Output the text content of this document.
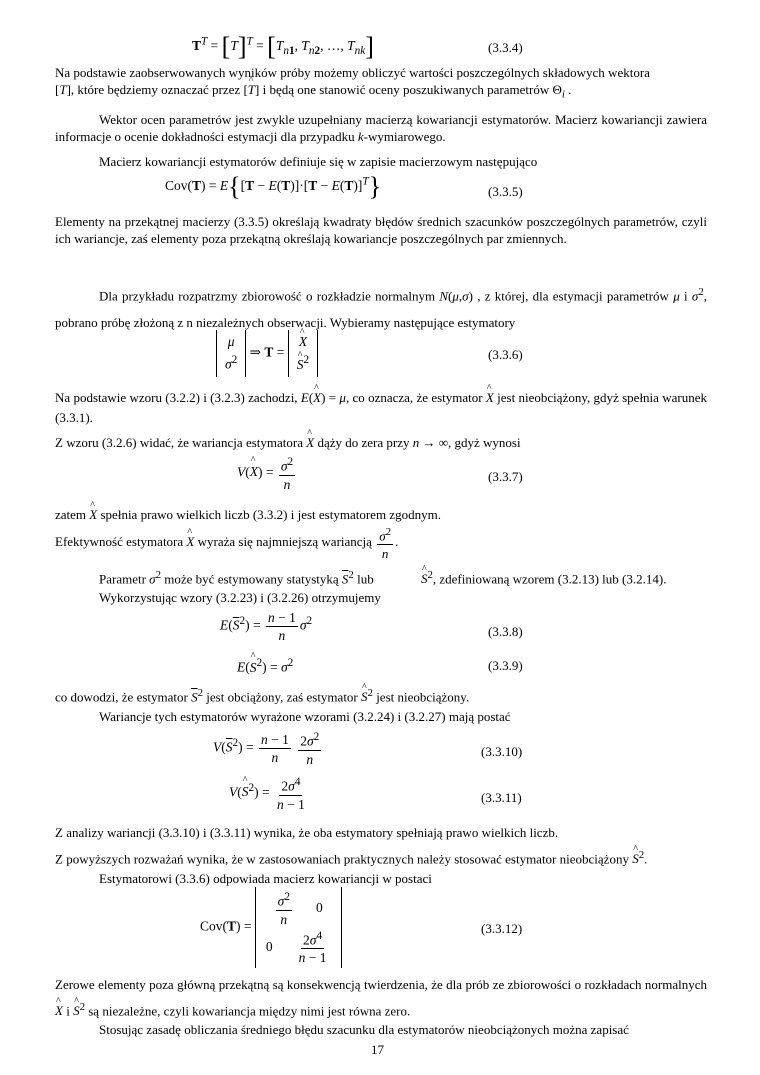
$T^T = [T]^T = [T_{n1}$, $T_{n2}$, …, $T_{nk}$]	(3.3.4)
Na podstawie zaobserwowanych wyników próby możemy obliczyć wartości poszczególnych składowych wektora
[T], które będziemy oznaczać przez [^ T] i będą one stanowić oceny poszukiwanych parametrów $\Theta_i$ .
Wektor ocen parametrów jest zwykle uzupełniany macierzą kowariancji estymatorów. Macierz kowariancji zawiera informacje o ocenie dokładności estymacji dla przypadku k-wymiarowego.
Macierz kowariancji estymatorów definiuje się w zapisie macierzowym następująco
$Cov(T) = E\{[T - E(T)]\cdot[T - E(T)]^T\}$	(3.3.5)
Elementy na przekątnej macierzy (3.3.5) określają kwadraty błędów średnich szacunków poszczególnych parametrów, czyli ich wariancje, zaś elementy poza przekątną określają kowariancje poszczególnych par zmiennych.
Dla przykładu rozpatrzmy zbiorowość o rozkładzie normalnym N(μ,σ) , z której, dla estymacji parametrów μ i $\sigma^2$, pobrano próbę złożoną z n niezależnych obserwacji. Wybieramy następujące estymatory
μ
$\sigma^2$
⇒ T =
^ X
^ $S^2$	(3.3.6)
Na podstawie wzoru (3.2.2) i (3.2.3) zachodzi, E(^ X) = μ, co oznacza, że estymator ^ X jest nieobciążony, gdyż spełnia warunek (3.3.1).
Z wzoru (3.2.6) widać, że wariancja estymatora ^ X dąży do zera przy n → ∞, gdyż wynosi
V(^ $X) = \frac{\sigma^2}{n}$	(3.3.7)
zatem ^ X spełnia prawo wielkich liczb (3.3.2) i jest estymatorem zgodnym.
Efektywność estymatora ^ X wyraża się najmniejszą wariancją $\frac{\sigma^2}{n}$ .
Parametr $\sigma^2$ może być estymowany statystyką $\overline{S}^2$ lub	^ $S^2$, zdefiniowaną wzorem (3.2.13) lub (3.2.14).
Wykorzystując wzory (3.2.23) i (3.2.26) otrzymujemy
$E(\overline{S}^2) = \frac{n - 1}{n} \sigma^2$
(3.3.8)
E(^ $S^2) = \sigma^2$	(3.3.9)
co dowodzi, że estymator $\overline{S}^2$ jest obciążony, zaś estymator ^ $S^2$ jest nieobciążony.
Wariancje tych estymatorów wyrażone wzorami (3.2.24) i (3.2.27) mają postać
$V(\overline{S}^2) = \frac{n - 1}{n}$
$\frac{2\sigma^2}{n}$	(3.3.10)
V(^ $S^2) = \frac{2\sigma^4}{n - 1}$	(3.3.11)
Z analizy wariancji (3.3.10) i (3.3.11) wynika, że oba estymatory spełniają prawo wielkich liczb.
Z powyższych rozważań wynika, że w zastosowaniach praktycznych należy stosować estymator nieobciążony ^ $S^2$.
Estymatorowi (3.3.6) odpowiada macierz kowariancji w postaci
$Cov(T) = \frac{\sigma^2}{n} 0$
$0 \frac{2\sigma^4}{n - 1}$	(3.3.12)
Zerowe elementy poza główną przekątną są konsekwencją twierdzenia, że dla prób ze zbiorowości o rozkładach normalnych ^ X i ^ $S^2$ są niezależne, czyli kowariancja między nimi jest równa zero.
Stosując zasadę obliczania średniego błędu szacunku dla estymatorów nieobciążonych można zapisać
17
